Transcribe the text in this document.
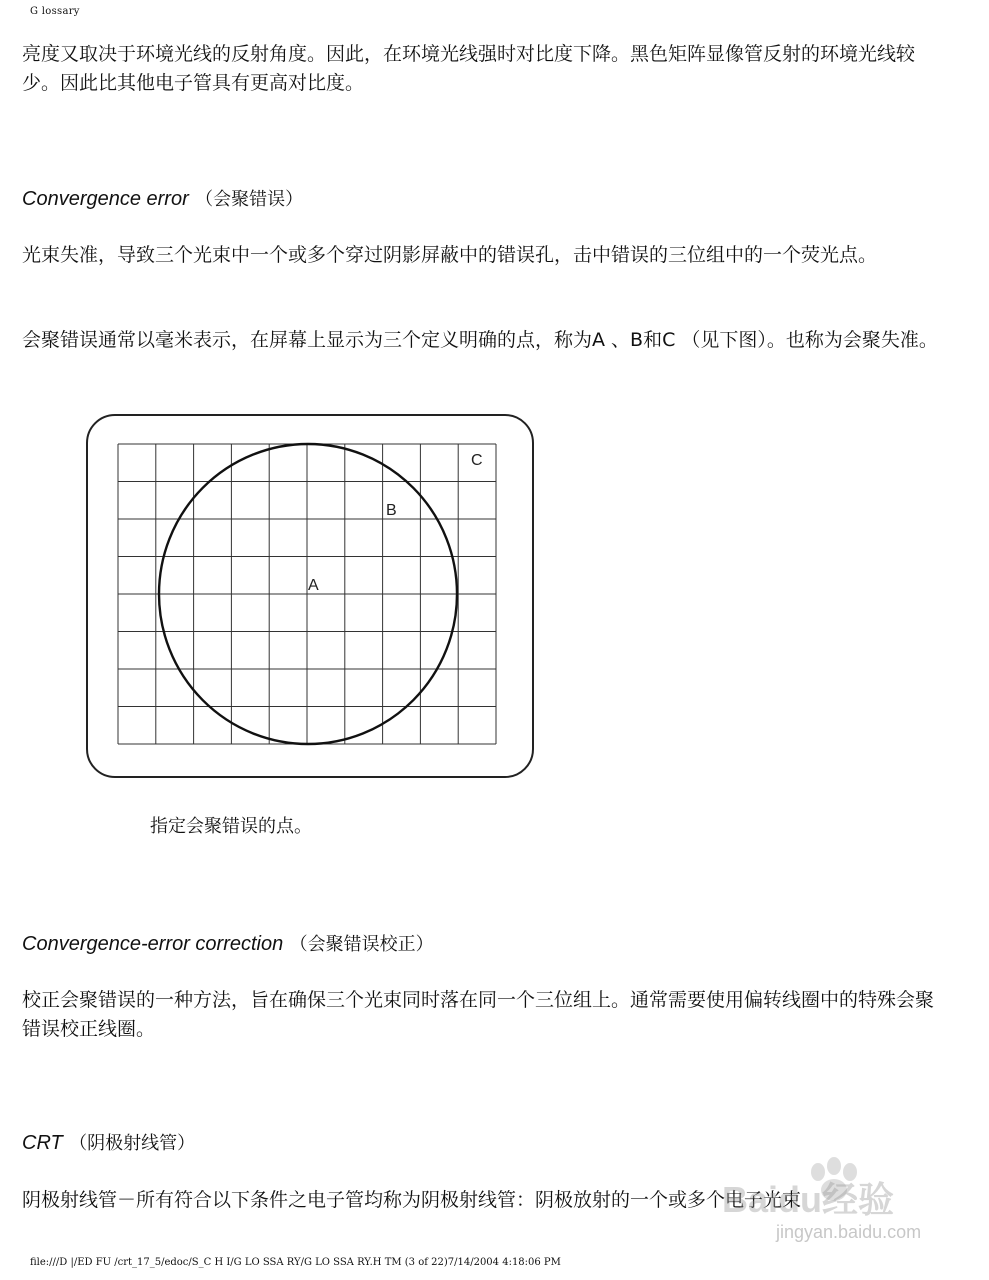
G lossary

亮度又取决于环境光线的反射角度。因此，在环境光线强时对比度下降。黑色矩阵显像管反射的环境光线较少。因此比其他电子管具有更高对比度。

Convergence error （会聚错误）

光束失准，导致三个光束中一个或多个穿过阴影屏蔽中的错误孔，击中错误的三位组中的一个荧光点。

会聚错误通常以毫米表示，在屏幕上显示为三个定义明确的点，称为A 、B和C （见下图）。也称为会聚失准。

A
B
C
指定会聚错误的点。
Convergence-error correction （会聚错误校正）

校正会聚错误的一种方法，旨在确保三个光束同时落在同一个三位组上。通常需要使用偏转线圈中的特殊会聚错误校正线圈。

CRT （阴极射线管）

阴极射线管－所有符合以下条件之电子管均称为阴极射线管：阴极放射的一个或多个电子光束

Baidu经验
jingyan.baidu.com
file:///D |/ED FU /crt_17_5/edoc/S_C H I/G LO SSA RY/G LO SSA RY.H TM (3 of 22)7/14/2004 4:18:06 PM
